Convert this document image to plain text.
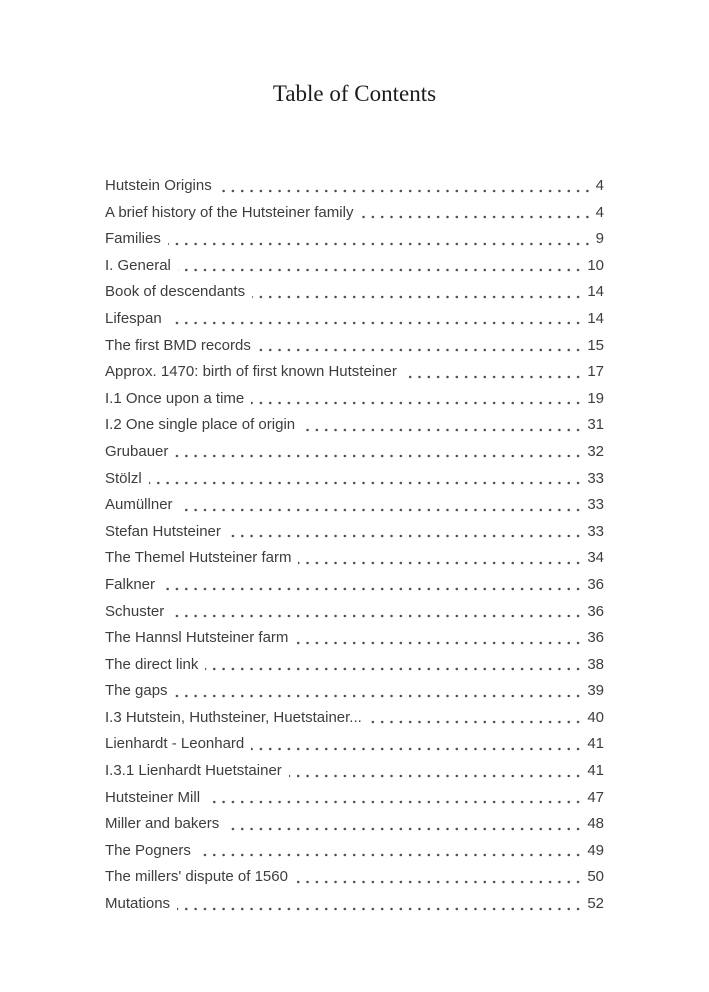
Table of Contents
Hutstein Origins	4
A brief history of the Hutsteiner family	4
Families	9
I. General	10
Book of descendants	14
Lifespan	14
The first BMD records	15
Approx. 1470: birth of first known Hutsteiner	17
I.1 Once upon a time	19
I.2 One single place of origin	31
Grubauer	32
Stölzl	33
Aumüllner	33
Stefan Hutsteiner	33
The Themel Hutsteiner farm	34
Falkner	36
Schuster	36
The Hannsl Hutsteiner farm	36
The direct link	38
The gaps	39
I.3 Hutstein, Huthsteiner, Huetstainer...	40
Lienhardt - Leonhard	41
I.3.1 Lienhardt Huetstainer	41
Hutsteiner Mill	47
Miller and bakers	48
The Pogners	49
The millers' dispute of 1560	50
Mutations	52
